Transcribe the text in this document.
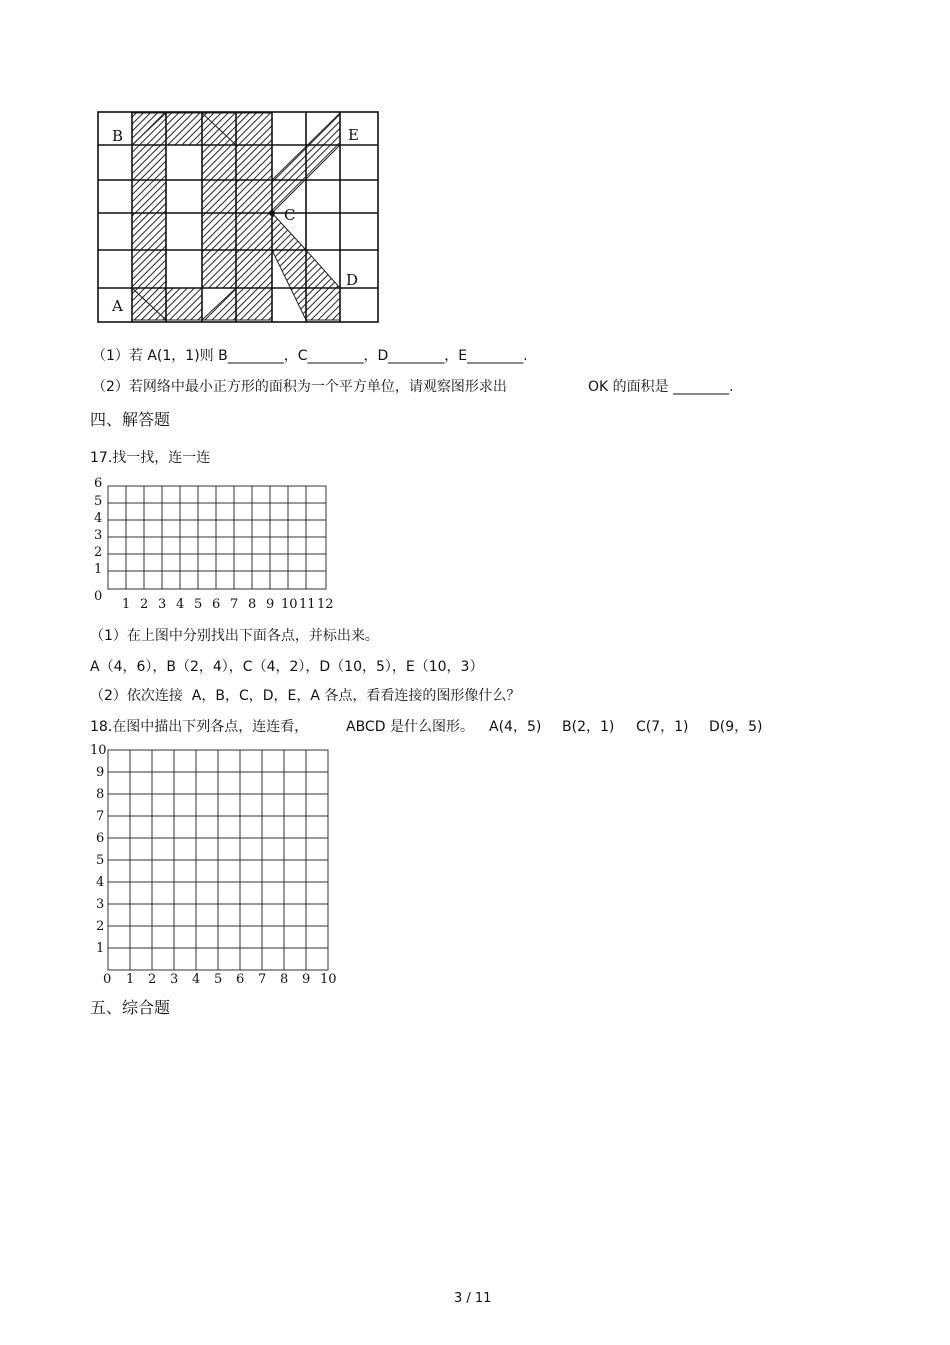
B	E
C
D
A
（1）若 A(1，1)则 B________，C________，D________，E________.
（2）若网络中最小正方形的面积为一个平方单位，请观察图形求出	OK 的面积是 ________.
四、解答题
17.找一找，连一连
6
5
4
3
2
1
0
1 2 3 4 5 6 7 8 9 10 11 12
（1）在上图中分别找出下面各点，并标出来。
A（4，6），B（2，4），C（4，2），D（10，5），E（10，3）
（2）依次连接  A，B，C，D，E，A 各点，看看连接的图形像什么？
18.在图中描出下列各点，连连看，	ABCD 是什么图形。 A(4，5) B(2，1) C(7，1) D(9，5)
10
9
8
7
6
5
4
3
2
1
0 1 2 3 4 5 6 7 8 9 10
五、综合题
3 / 11
